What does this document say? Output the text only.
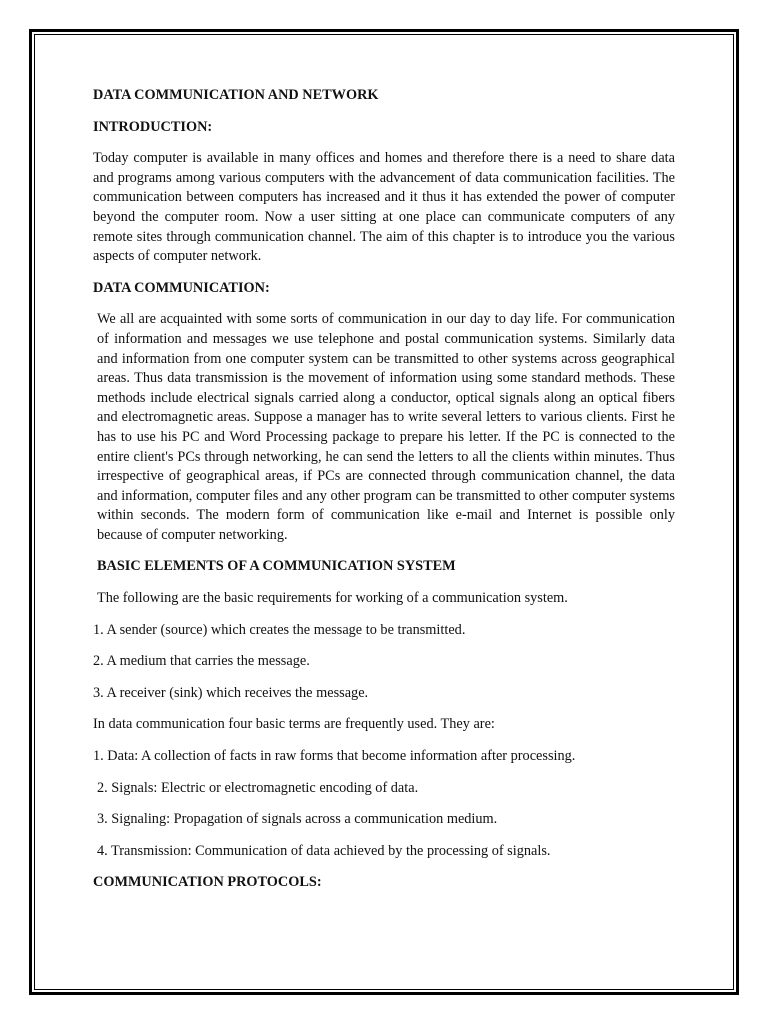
DATA COMMUNICATION AND NETWORK

INTRODUCTION:

Today computer is available in many offices and homes and therefore there is a need to share data and programs among various computers with the advancement of data communication facilities. The communication between computers has increased and it thus it has extended the power of computer beyond the computer room. Now a user sitting at one place can communicate computers of any remote sites through communication channel. The aim of this chapter is to introduce you the various aspects of computer network.

DATA COMMUNICATION:

We all are acquainted with some sorts of communication in our day to day life. For communication of information and messages we use telephone and postal communication systems. Similarly data and information from one computer system can be transmitted to other systems across geographical areas. Thus data transmission is the movement of information using some standard methods. These methods include electrical signals carried along a conductor, optical signals along an optical fibers and electromagnetic areas. Suppose a manager has to write several letters to various clients. First he has to use his PC and Word Processing package to prepare his letter. If the PC is connected to the entire client's PCs through networking, he can send the letters to all the clients within minutes. Thus irrespective of geographical areas, if PCs are connected through communication channel, the data and information, computer files and any other program can be transmitted to other computer systems within seconds. The modern form of communication like e-mail and Internet is possible only because of computer networking.

BASIC ELEMENTS OF A COMMUNICATION SYSTEM

The following are the basic requirements for working of a communication system.

1. A sender (source) which creates the message to be transmitted.

2. A medium that carries the message.

3. A receiver (sink) which receives the message.

In data communication four basic terms are frequently used. They are:

1. Data: A collection of facts in raw forms that become information after processing.

2. Signals: Electric or electromagnetic encoding of data.

3. Signaling: Propagation of signals across a communication medium.

4. Transmission: Communication of data achieved by the processing of signals.

COMMUNICATION PROTOCOLS:
